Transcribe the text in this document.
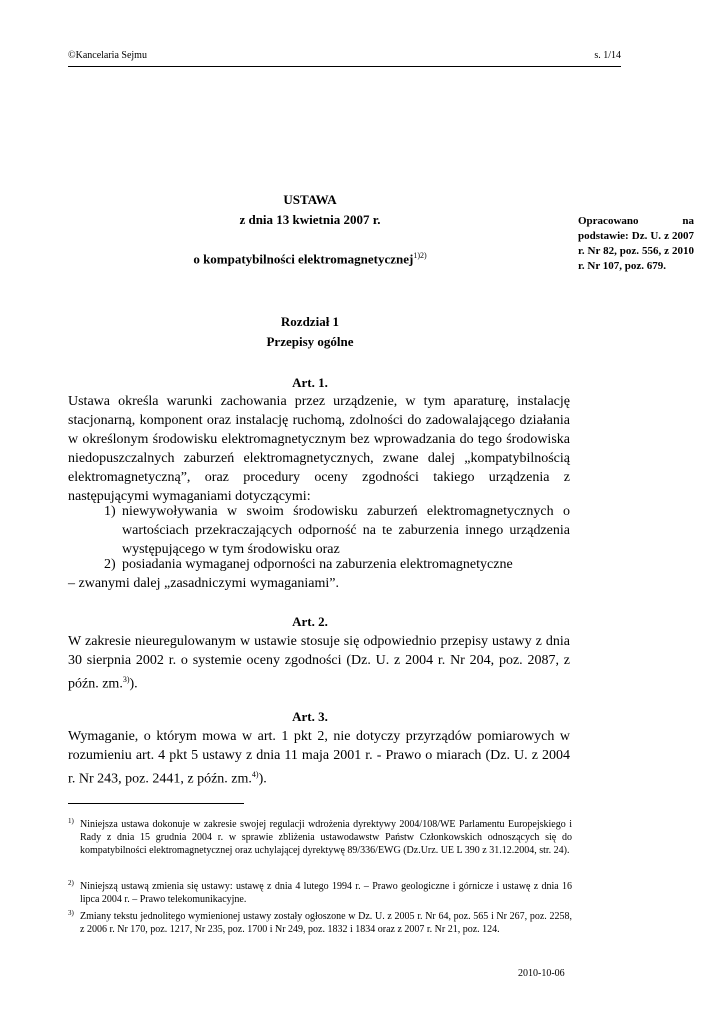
©Kancelaria Sejmu	s. 1/14
USTAWA
z dnia 13 kwietnia 2007 r.
o kompatybilności elektromagnetycznej$^{1)2)}$
Opracowano na podstawie: Dz. U. z 2007 r. Nr 82, poz. 556, z 2010 r. Nr 107, poz. 679.
Rozdział 1
Przepisy ogólne
Art. 1.
Ustawa określa warunki zachowania przez urządzenie, w tym aparaturę, instalację stacjonarną, komponent oraz instalację ruchomą, zdolności do zadowalającego działania w określonym środowisku elektromagnetycznym bez wprowadzania do tego środowiska niedopuszczalnych zaburzeń elektromagnetycznych, zwane dalej „kompatybilnością elektromagnetyczną”, oraz procedury oceny zgodności takiego urządzenia z następującymi wymaganiami dotyczącymi:
1) niewywoływania w swoim środowisku zaburzeń elektromagnetycznych o wartościach przekraczających odporność na te zaburzenia innego urządzenia występującego w tym środowisku oraz
2) posiadania wymaganej odporności na zaburzenia elektromagnetyczne
– zwanymi dalej „zasadniczymi wymaganiami”.
Art. 2.
W zakresie nieuregulowanym w ustawie stosuje się odpowiednio przepisy ustawy z dnia 30 sierpnia 2002 r. o systemie oceny zgodności (Dz. U. z 2004 r. Nr 204, poz. 2087, z późn. zm.$^{3)}$).
Art. 3.
Wymaganie, o którym mowa w art. 1 pkt 2, nie dotyczy przyrządów pomiarowych w rozumieniu art. 4 pkt 5 ustawy z dnia 11 maja 2001 r. - Prawo o miarach (Dz. U. z 2004 r. Nr 243, poz. 2441, z późn. zm.$^{4)}$).
1) Niniejsza ustawa dokonuje w zakresie swojej regulacji wdrożenia dyrektywy 2004/108/WE Parlamentu Europejskiego i Rady z dnia 15 grudnia 2004 r. w sprawie zbliżenia ustawodawstw Państw Członkowskich odnoszących się do kompatybilności elektromagnetycznej oraz uchylającej dyrektywę 89/336/EWG (Dz.Urz. UE L 390 z 31.12.2004, str. 24).
2) Niniejszą ustawą zmienia się ustawy: ustawę z dnia 4 lutego 1994 r. – Prawo geologiczne i górnicze i ustawę z dnia 16 lipca 2004 r. – Prawo telekomunikacyjne.
3) Zmiany tekstu jednolitego wymienionej ustawy zostały ogłoszone w Dz. U. z 2005 r. Nr 64, poz. 565 i Nr 267, poz. 2258, z 2006 r. Nr 170, poz. 1217, Nr 235, poz. 1700 i Nr 249, poz. 1832 i 1834 oraz z 2007 r. Nr 21, poz. 124.
2010-10-06
